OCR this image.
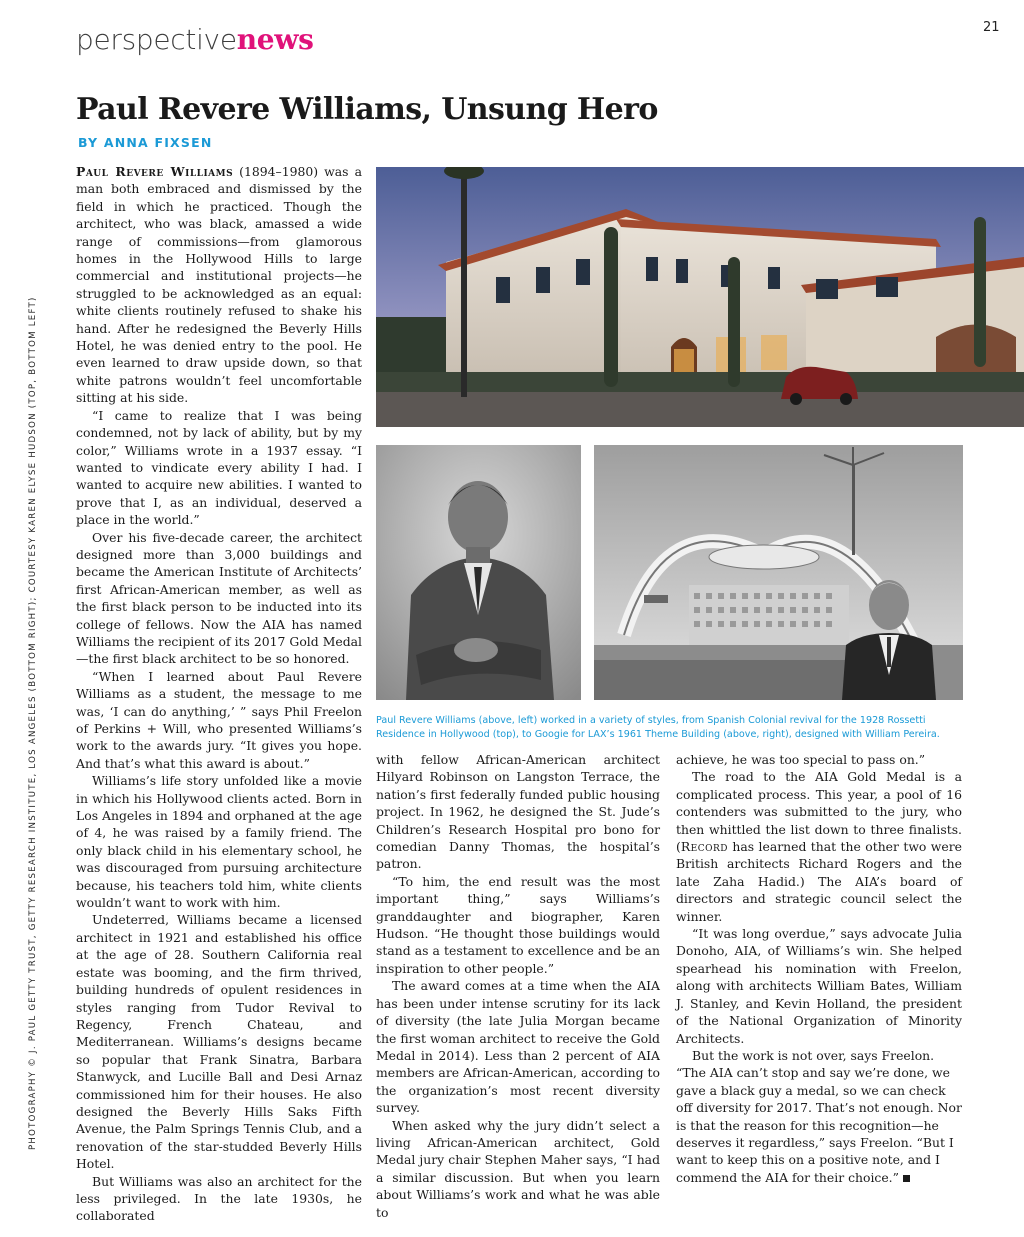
perspectivenews	21
Paul Revere Williams, Unsung Hero
BY ANNA FIXSEN
PHOTOGRAPHY © J. PAUL GETTY TRUST, GETTY RESEARCH INSTITUTE, LOS ANGELES (BOTTOM RIGHT); COURTESY KAREN ELYSE HUDSON (TOP, BOTTOM LEFT)

Paul Revere Williams (1894–1980) was a man both embraced and dismissed by the field in which he practiced. Though the architect, who was black, amassed a wide range of commissions—from glamorous homes in the Hollywood Hills to large commercial and institutional projects—he struggled to be acknowledged as an equal: white clients routinely refused to shake his hand. After he redesigned the Beverly Hills Hotel, he was denied entry to the pool. He even learned to draw upside down, so that white patrons wouldn’t feel uncomfortable sitting at his side.

“I came to realize that I was being condemned, not by lack of ability, but by my color,” Williams wrote in a 1937 essay. “I wanted to vindicate every ability I had. I wanted to acquire new abilities. I wanted to prove that I, as an individual, deserved a place in the world.”

Over his five-decade career, the architect designed more than 3,000 buildings and became the American Institute of Architects’ first African-American member, as well as the first black person to be inducted into its college of fellows. Now the AIA has named Williams the recipient of its 2017 Gold Medal—the first black architect to be so honored.

“When I learned about Paul Revere Williams as a student, the message to me was, ‘I can do anything,’ ” says Phil Freelon of Perkins + Will, who presented Williams’s work to the awards jury. “It gives you hope. And that’s what this award is about.”

Williams’s life story unfolded like a movie in which his Hollywood clients acted. Born in Los Angeles in 1894 and orphaned at the age of 4, he was raised by a family friend. The only black child in his elementary school, he was discouraged from pursuing architecture because, his teachers told him, white clients wouldn’t want to work with him.

Undeterred, Williams became a licensed architect in 1921 and established his office at the age of 28. Southern California real estate was booming, and the firm thrived, building hundreds of opulent residences in styles ranging from Tudor Revival to Regency, French Chateau, and Mediterranean. Williams’s designs became so popular that Frank Sinatra, Barbara Stanwyck, and Lucille Ball and Desi Arnaz commissioned him for their houses. He also designed the Beverly Hills Saks Fifth Avenue, the Palm Springs Tennis Club, and a renovation of the star-studded Beverly Hills Hotel.

But Williams was also an architect for the less privileged. In the late 1930s, he collaborated

Paul Revere Williams (above, left) worked in a variety of styles, from Spanish Colonial revival for the 1928 Rossetti Residence in Hollywood (top), to Googie for LAX’s 1961 Theme Building (above, right), designed with William Pereira.

with fellow African-American architect Hilyard Robinson on Langston Terrace, the nation’s first federally funded public housing project. In 1962, he designed the St. Jude’s Children’s Research Hospital pro bono for comedian Danny Thomas, the hospital’s patron.

“To him, the end result was the most important thing,” says Williams’s granddaughter and biographer, Karen Hudson. “He thought those buildings would stand as a testament to excellence and be an inspiration to other people.”

The award comes at a time when the AIA has been under intense scrutiny for its lack of diversity (the late Julia Morgan became the first woman architect to receive the Gold Medal in 2014). Less than 2 percent of AIA members are African-American, according to the organization’s most recent diversity survey.

When asked why the jury didn’t select a living African-American architect, Gold Medal jury chair Stephen Maher says, “I had a similar discussion. But when you learn about Williams’s work and what he was able to

achieve, he was too special to pass on.”

The road to the AIA Gold Medal is a complicated process. This year, a pool of 16 contenders was submitted to the jury, who then whittled the list down to three finalists. (Record has learned that the other two were British architects Richard Rogers and the late Zaha Hadid.) The AIA’s board of directors and strategic council select the winner.

“It was long overdue,” says advocate Julia Donoho, AIA, of Williams’s win. She helped spearhead his nomination with Freelon, along with architects William Bates, William J. Stanley, and Kevin Holland, the president of the National Organization of Minority Architects.

But the work is not over, says Freelon. “The AIA can’t stop and say we’re done, we gave a black guy a medal, so we can check off diversity for 2017. That’s not enough. Nor is that the reason for this recognition—he deserves it regardless,” says Freelon. “But I want to keep this on a positive note, and I commend the AIA for their choice.”
